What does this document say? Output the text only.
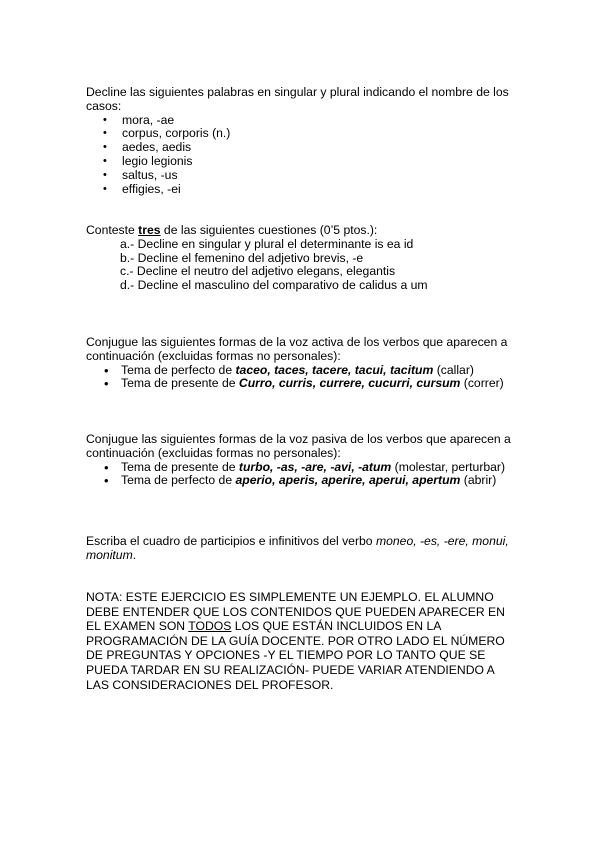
Decline las siguientes palabras en singular y plural indicando el nombre de los casos:

• mora, -ae
• corpus, corporis (n.)
• aedes, aedis
• legio legionis
• saltus, -us
• effigies, -ei

Conteste tres de las siguientes cuestiones (0’5 ptos.):

a.- Decline en singular y plural el determinante is ea id
b.- Decline el femenino del adjetivo brevis, -e
c.- Decline el neutro del adjetivo elegans, elegantis
d.- Decline el masculino del comparativo de calidus a um

Conjugue las siguientes formas de la voz activa de los verbos que aparecen a continuación (excluidas formas no personales):

• Tema de perfecto de taceo, taces, tacere, tacui, tacitum (callar)
• Tema de presente de Curro, curris, currere, cucurri, cursum (correr)

Conjugue las siguientes formas de la voz pasiva de los verbos que aparecen a continuación (excluidas formas no personales):

• Tema de presente de turbo, -as, -are, -avi, -atum (molestar, perturbar)
• Tema de perfecto de aperio, aperis, aperire, aperui, apertum (abrir)

Escriba el cuadro de participios e infinitivos del verbo moneo, -es, -ere, monui, monitum.

NOTA: ESTE EJERCICIO ES SIMPLEMENTE UN EJEMPLO. EL ALUMNO DEBE ENTENDER QUE LOS CONTENIDOS QUE PUEDEN APARECER EN EL EXAMEN SON TODOS LOS QUE ESTÁN INCLUIDOS EN LA PROGRAMACIÓN DE LA GUÍA DOCENTE. POR OTRO LADO EL NÚMERO DE PREGUNTAS Y OPCIONES -Y EL TIEMPO POR LO TANTO QUE SE PUEDA TARDAR EN SU REALIZACIÓN- PUEDE VARIAR ATENDIENDO A LAS CONSIDERACIONES DEL PROFESOR.
